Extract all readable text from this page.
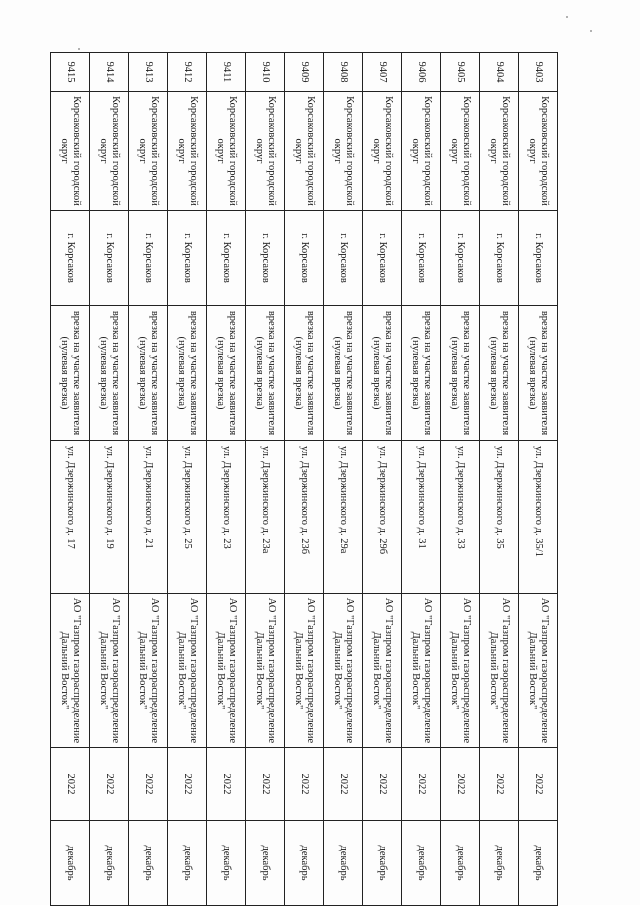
9403	Корсаковский городской округ	г. Корсаков	врезка на участке заявителя (нулевая врезка)	ул. Дзержинского д. 35/1	АО "Газпром газораспределение Дальний Восток"	2022	декабрь
9404	Корсаковский городской округ	г. Корсаков	врезка на участке заявителя (нулевая врезка)	ул. Дзержинского д. 35	АО "Газпром газораспределение Дальний Восток"	2022	декабрь
9405	Корсаковский городской округ	г. Корсаков	врезка на участке заявителя (нулевая врезка)	ул. Дзержинского д. 33	АО "Газпром газораспределение Дальний Восток"	2022	декабрь
9406	Корсаковский городской округ	г. Корсаков	врезка на участке заявителя (нулевая врезка)	ул. Дзержинского д. 31	АО "Газпром газораспределение Дальний Восток"	2022	декабрь
9407	Корсаковский городской округ	г. Корсаков	врезка на участке заявителя (нулевая врезка)	ул. Дзержинского д. 29б	АО "Газпром газораспределение Дальний Восток"	2022	декабрь
9408	Корсаковский городской округ	г. Корсаков	врезка на участке заявителя (нулевая врезка)	ул. Дзержинского д. 29а	АО "Газпром газораспределение Дальний Восток"	2022	декабрь
9409	Корсаковский городской округ	г. Корсаков	врезка на участке заявителя (нулевая врезка)	ул. Дзержинского д. 23б	АО "Газпром газораспределение Дальний Восток"	2022	декабрь
9410	Корсаковский городской округ	г. Корсаков	врезка на участке заявителя (нулевая врезка)	ул. Дзержинского д. 23а	АО "Газпром газораспределение Дальний Восток"	2022	декабрь
9411	Корсаковский городской округ	г. Корсаков	врезка на участке заявителя (нулевая врезка)	ул. Дзержинского д. 23	АО "Газпром газораспределение Дальний Восток"	2022	декабрь
9412	Корсаковский городской округ	г. Корсаков	врезка на участке заявителя (нулевая врезка)	ул. Дзержинского д. 25	АО "Газпром газораспределение Дальний Восток"	2022	декабрь
9413	Корсаковский городской округ	г. Корсаков	врезка на участке заявителя (нулевая врезка)	ул. Дзержинского д. 21	АО "Газпром газораспределение Дальний Восток"	2022	декабрь
9414	Корсаковский городской округ	г. Корсаков	врезка на участке заявителя (нулевая врезка)	ул. Дзержинского д. 19	АО "Газпром газораспределение Дальний Восток"	2022	декабрь
9415	Корсаковский городской округ	г. Корсаков	врезка на участке заявителя (нулевая врезка)	ул. Дзержинского д. 17	АО "Газпром газораспределение Дальний Восток"	2022	декабрь
